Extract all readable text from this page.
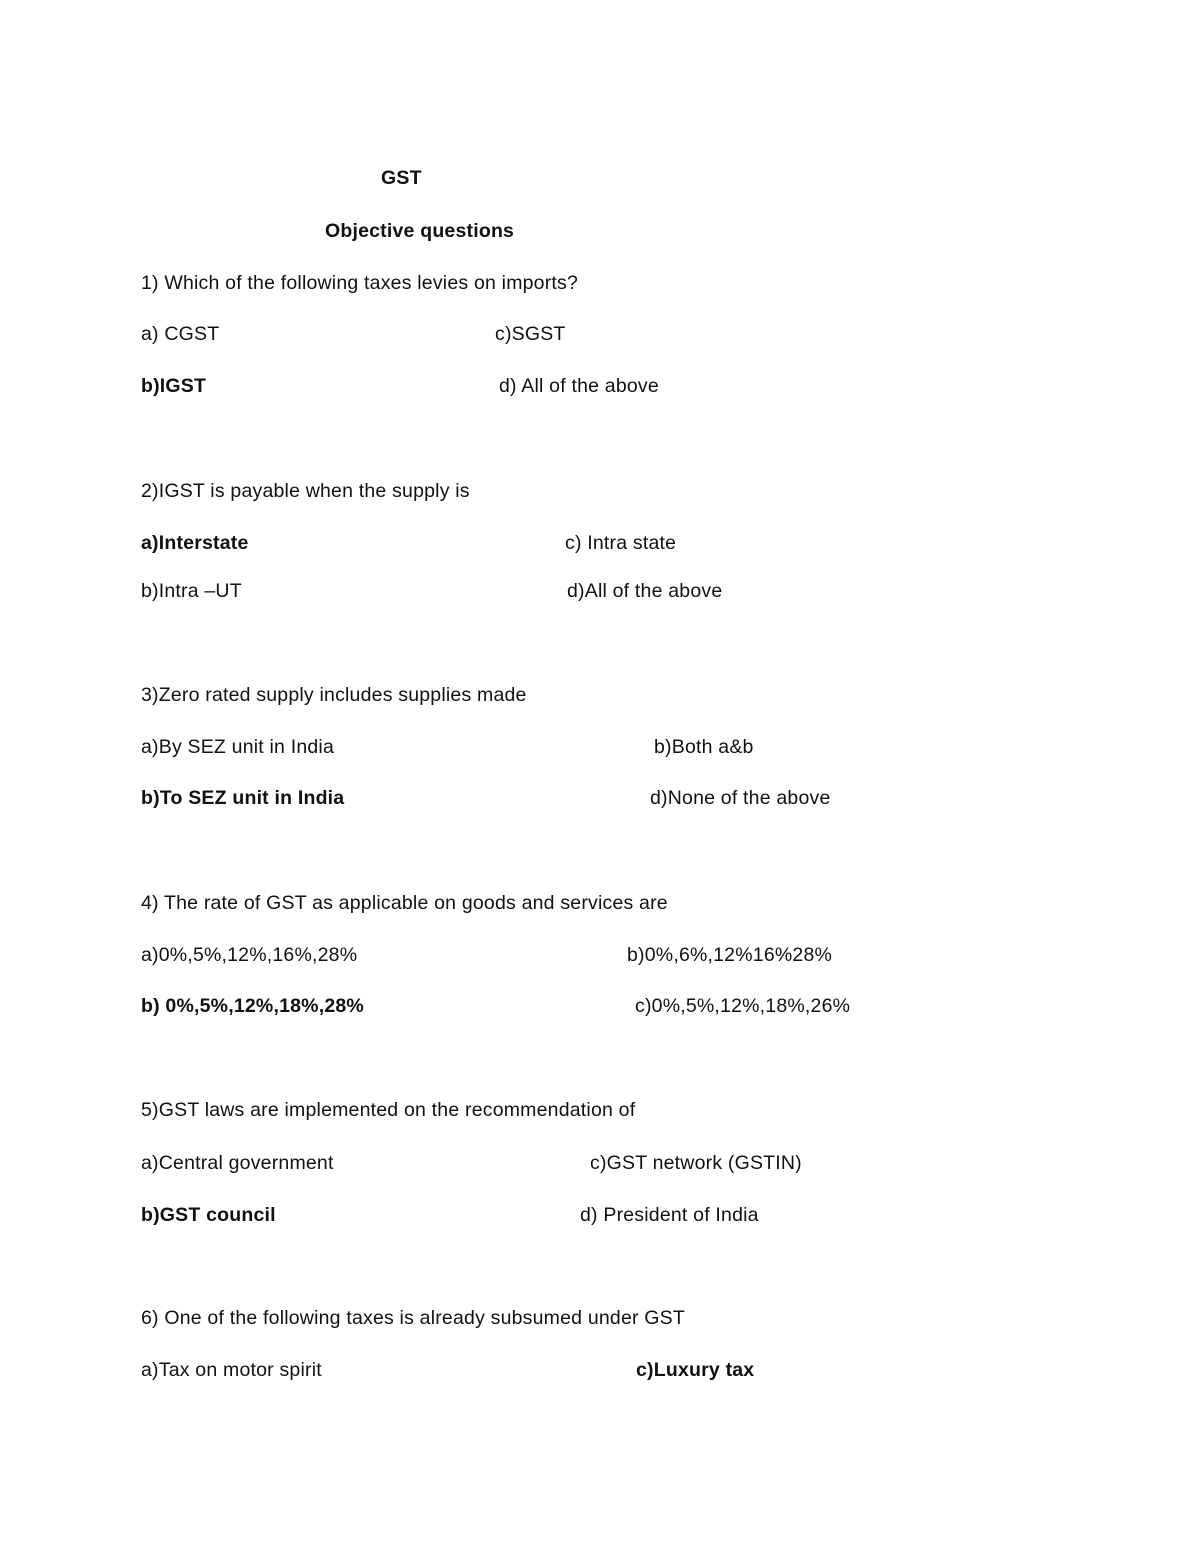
GST
Objective questions
1) Which of the following taxes levies on imports?
a) CGST	c)SGST
b)IGST	d) All of the above
2)IGST is payable when the supply is
a)Interstate	c) Intra state
b)Intra –UT	d)All of the above
3)Zero rated supply includes supplies made
a)By SEZ unit in India	b)Both a&b
b)To SEZ unit in India	d)None of the above
4) The rate of GST as applicable on goods and services are
a)0%,5%,12%,16%,28%	b)0%,6%,12%16%28%
b) 0%,5%,12%,18%,28%	c)0%,5%,12%,18%,26%
5)GST laws are implemented on the recommendation of
a)Central government	c)GST network (GSTIN)
b)GST council	d) President of India
6) One of the following taxes is already subsumed under GST
a)Tax on motor spirit	c)Luxury tax
